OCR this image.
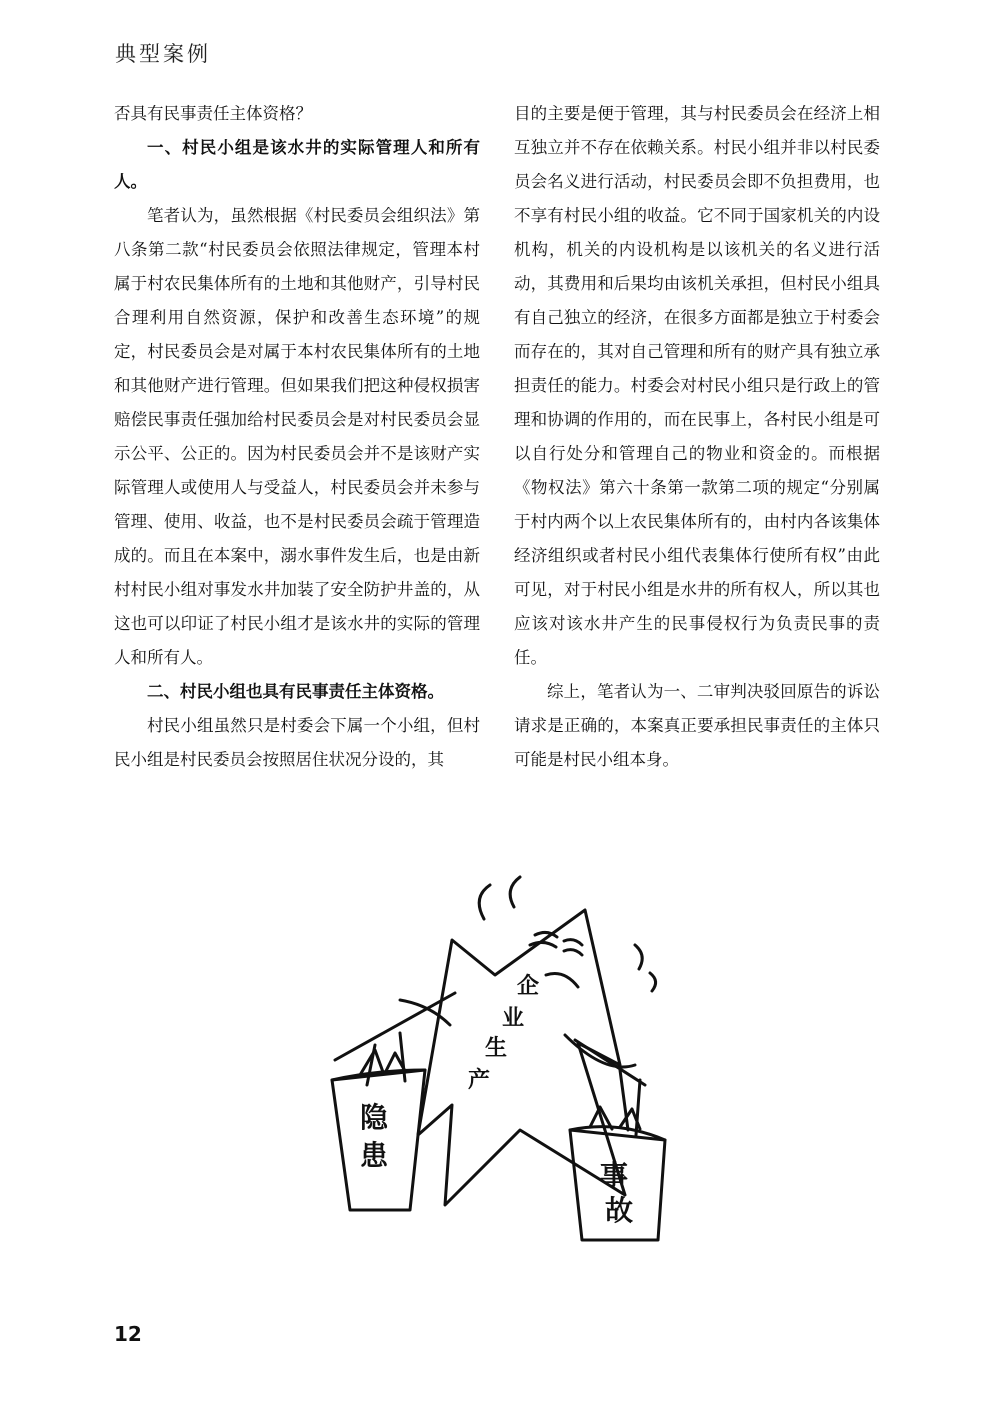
典型案例

否具有民事责任主体资格？

一、村民小组是该水井的实际管理人和所有人。

笔者认为，虽然根据《村民委员会组织法》第八条第二款“村民委员会依照法律规定，管理本村属于村农民集体所有的土地和其他财产，引导村民合理利用自然资源，保护和改善生态环境”的规定，村民委员会是对属于本村农民集体所有的土地和其他财产进行管理。但如果我们把这种侵权损害赔偿民事责任强加给村民委员会是对村民委员会显示公平、公正的。因为村民委员会并不是该财产实际管理人或使用人与受益人，村民委员会并未参与管理、使用、收益，也不是村民委员会疏于管理造成的。而且在本案中，溺水事件发生后，也是由新村村民小组对事发水井加装了安全防护井盖的，从这也可以印证了村民小组才是该水井的实际的管理人和所有人。

二、村民小组也具有民事责任主体资格。

村民小组虽然只是村委会下属一个小组，但村民小组是村民委员会按照居住状况分设的，其

目的主要是便于管理，其与村民委员会在经济上相互独立并不存在依赖关系。村民小组并非以村民委员会名义进行活动，村民委员会即不负担费用，也不享有村民小组的收益。它不同于国家机关的内设机构，机关的内设机构是以该机关的名义进行活动，其费用和后果均由该机关承担，但村民小组具有自己独立的经济，在很多方面都是独立于村委会而存在的，其对自己管理和所有的财产具有独立承担责任的能力。村委会对村民小组只是行政上的管理和协调的作用的，而在民事上，各村民小组是可以自行处分和管理自己的物业和资金的。而根据《物权法》第六十条第一款第二项的规定“分别属于村内两个以上农民集体所有的，由村内各该集体经济组织或者村民小组代表集体行使所有权”由此可见，对于村民小组是水井的所有权人，所以其也应该对该水井产生的民事侵权行为负责民事的责任。

综上，笔者认为一、二审判决驳回原告的诉讼请求是正确的，本案真正要承担民事责任的主体只可能是村民小组本身。

企
业
生
产
隐
患
事
故
12
